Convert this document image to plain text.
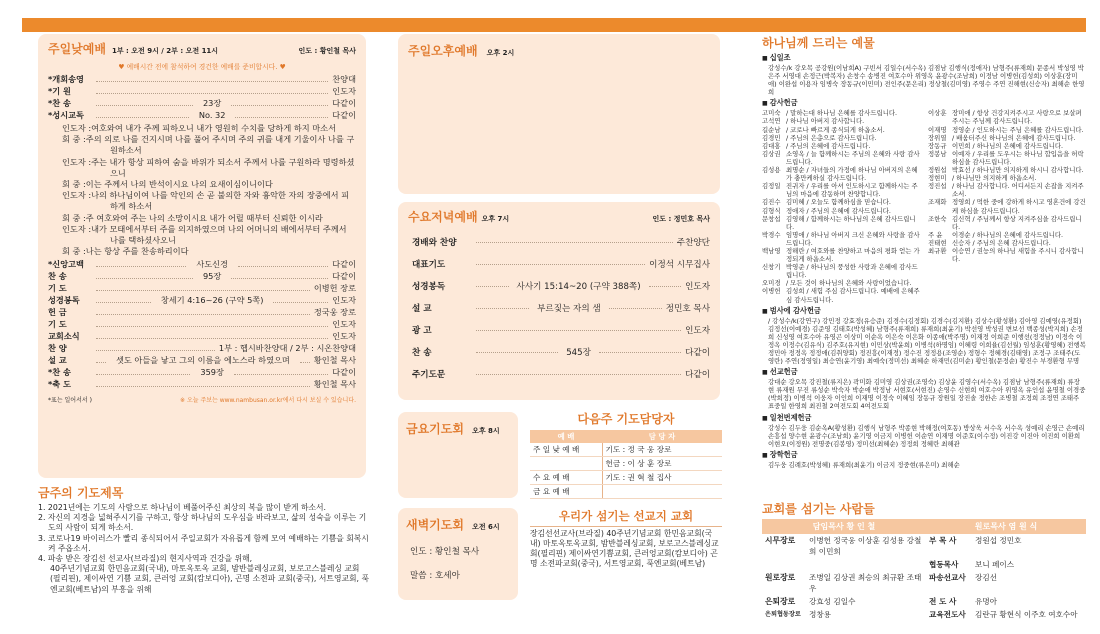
주일낮예배 1부 : 오전 9시 / 2부 : 오전 11시	인도 : 황인철 목사
♥ 예배시간 전에 참석하여 경건한 예배를 준비합시다. ♥
*개회송영	찬양대
*기 원	인도자
*찬 송	23장	다같이
*성시교독	No. 32	다같이
인도자 :여호와여 내가 주께 피하오니 내가 영원히 수치를 당하게 하지 마소서
회 중 :주의 의로 나를 건지시며 나를 풀어 주시며 주의 귀를 내게 기울이사 나를 구원하소서
인도자 :주는 내가 항상 피하여 숨을 바위가 되소서 주께서 나를 구원하라 명령하셨으니
회 중 :이는 주께서 나의 반석이시요 나의 요새이심이니이다
인도자 :나의 하나님이여 나를 악인의 손 곧 불의한 자와 흉악한 자의 장중에서 피하게 하소서
회 중 :주 여호와여 주는 나의 소망이시요 내가 어릴 때부터 신뢰한 이시라
인도자 :내가 모태에서부터 주를 의지하였으며 나의 어머니의 배에서부터 주께서 나를 택하셨사오니
회 중 :나는 항상 주를 찬송하리이다
*신앙고백	사도신경	다같이
찬 송	95장	다같이
기 도	이병헌 장로
성경봉독	창세기 4:16~26 (구약 5쪽)	인도자
헌 금	정국웅 장로
기 도	인도자
교회소식	인도자
찬 양	1부 : 헵시바찬양대 / 2부 : 시온찬양대
설 교	셋도 아들을 낳고 그의 이름을 에노스라 하였으며	황인철 목사
*찬 송	359장	다같이
*축 도	황인철 목사
*표는 일어서서 )	※ 오늘 주보는 www.nambusan.or.kr에서 다시 보실 수 있습니다.
금주의 기도제목
1. 2021년에는 기도의 사람으로 하나님이 베풀어주신 최상의 복을 많이 받게 하소서.
2. 자신의 지경을 넓혀주시기를 구하고, 항상 하나님의 도우심을 바라보고, 삶의 성숙을 이루는 기도의 사람이 되게 하소서.
3. 코로나19 바이러스가 빨리 종식되어서 주일교회가 자유롭게 함께 모여 예배하는 기쁨을 회복시켜 주옵소서.
4. 파송 받은 장김선 선교사(브라질)의 현지사역과 건강을 위해,
40주년기념교회 한민음교회(국내), 마토옥토옥 교회, 밤반블레싱교회, 보로고스블레싱 교회(필리핀), 제이싸연 기쁨 교회, 큰러엉 교회(캄보디아), 곤명 소전파 교회(중국), 서트영교회, 푹엔교회(베트남)의 부흥을 위해
주일오후예배 오후 2시
수요저녁예배 오후 7시	인도 : 정민호 목사
경배와 찬양	주찬양단
대표기도	이정석 시무집사
성경봉독	사사기 15:14~20 (구약 388쪽)	인도자
설 교	부르짖는 자의 샘	정민호 목사
광 고	인도자
찬 송	545장	다같이
주기도문	다같이
금요기도회 오후 8시
다음주 기도담당자
예 배	담 당 자
주 일 낮 예 배	기도 : 정 국 웅 장로
	헌금 : 이 상 훈 장로
수 요 예 배	기도 : 권 혁 철 집사
금 요 예 배	
새벽기도회 오전 6시
인도 : 황인철 목사
말씀 : 호세아
우리가 섬기는 선교지 교회
장김선선교사(브라질) 40주년기념교회 한민음교회(국내) 마토옥토옥교회, 밤반블레싱교회, 보로고스블레싱교회(필리핀) 제이싸연기쁨교회, 큰러엉교회(캄보디아) 곤명 소전파교회(중국), 서트영교회, 푹엔교회(베트남)
하나님께 드리는 예물
■ 십일조
강성수/k 강오목 공강원(이남희A) 구빈서 김일수(서수옥) 김점남 김행식(정애자) 남형주(류재희) 문종서 박성영 박은주 서영대 손정근(박복자) 손창수 송병진 여호수아 위영옥 윤광수(조남희) 이정남 이병헌(김성희) 이상훈(장미애) 이완섭 이용자 임병숙 장동규(이민미) 전인주(문은리) 정상철(김미영) 주영수 주연 진해현(신승자) 최해순 한영희
■ 감사헌금
고미숙 / 말하는대 하나님 은혜를 감사드립니다.
고석연 / 하나님 아버지 감사합니다.
길순남 / 코로나 빠르게 종식되게 하옵소서.
김경민 / 주님의 은총으로 감사드립니다.
김대홍 / 주님의 은혜에 감사드립니다.
김상권 소영옥 / 늘 함께하시는 주님의 은혜와 사랑 감사드립니다.
김성용 최명순 / 자녀들의 가정에 하나님 아버지의 은혜가 충만케하실 감사드립니다.
김정일 진귀자 / 우리를 아셔 인도하시고 함께하시는 주님의 마음에 감동하며 찬양합니다.
김진수 김미혜 / 오늘도 함께하심을 믿습니다.
김형식 정애자 / 주님의 은혜에 감사드립니다.
문창섭 김영해 / 함께하시는 하나님의 은혜 감사드립니다.
박경수 임명애 / 하나님 아버지 크신 은혜와 사랑을 감사드립니다.
백남영 정해란 / 여호와를 찬양하고 마음의 평화 얻는 가정되게 하옵소서.
신창기 박영준 / 하나님의 풍성한 사랑과 은혜에 감사드립니다.
오미경 / 모든 것이 하나님의 은혜와 사랑이었습니다.
이병헌 김성희 / 새힘 주심 감사드립니다. 예배에 은혜주심 감사드립니다.
이상훈 장미애 / 항상 건강지켜주시고 사랑으로 보살펴 주시는 주님께 감사드립니다.
이재명 정영순 / 인도하시는 주님 은혜를 감사드립니다.
장위열 / 배움터주신 하나님의 은혜에 감사드립니다.
장동규 이민희 / 하나님의 은혜에 감사드립니다.
정봉남 이예자 / 우리를 도우시는 하나님 합입음을 허락하심을 감사드립니다.
정원섭 박효선 / 하나님만 의지하게 하시니 감사합니다.
정현미 / 하나님만 의지하게 하옵소서.
정진섭 / 하나님 감사합니다. 어디서든지 손잡을 지켜주소서.
조재화 정영희 / 먹한 중에 강하게 하시고 영혼건에 강건케 하심을 감사드립니다.
조한숙 김신혁 / 주님께서 항상 지켜주심을 감사드립니다.
주 윤	이경순 / 하나님의 은혜에 감사드립니다.
진태현 신승자 / 주님의 은혜 감사드립니다.
최규환 이승연 / 권능의 하나님 새힘을 주시니 감사합니다.
■ 범사에 감사헌금
/ 강성수/k(강연구) 강민정 강효정(유승준) 김경수(김정회) 김경수(김지환) 김상수(황성환) 김아영 김예영(유정회) 김정선(이예경) 김준영 김태호(박성혜) 남형주(류재희) 류재희(최윤기) 박선영 박성권 변보선 백종성(박지희) 손정희 신성영 여호수아 유영곤 이상미 이순옥 이은숙 이은화 이종애(박주명) 이재정 이희준 이행선(정정남) 이정숙 이정옥 이정수(김유식) 김주호(유지현) 이민상(박윤희) 이병석(하명임) 이혜령 이희율(김선월) 임성훈(황영혜) 전행복 정민아 정정옥 정정애(김취양회) 정진흥(이재정) 정수진 정정용(조영순) 정형수 정혜경(김태영) 조정구 조태주(도영란) 주연(정영일) 최승연(윤기영) 최예숙(정미선) 최혜순 하재민(김미순) 황인철(문정순) 황진수 부경환형 무명
■ 선교헌금
강대순 강오목 강진철(류지은) 곽미화 김미영 김상권(조영숙) 김상윤 김영수(서수옥) 김점남 남형주(류재희) 류장현 류재원 무진 류성순 박숙자 박순애 박정남 서현호(서현진) 손영수 신현희 여호수아 위영옥 유인섭 윤명철 이경중(박희정) 이병석 이웅자 이인희 이재명 이정숙 이혜임 장동규 장원일 장진솔 정한손 조병철 조정희 조정연 조태주 표중일 한영희 최진철 2여전도회 4여전도회
■ 일천번제헌금
강성수 김두웅 김순옥A(황성환) 김행식 남형주 박종현 박해정(여호동) 방상욱 서수옥 서수옥 성예리 손영근 손예리 손흥섭 양수현 윤광수(조남희) 윤기영 이금지 이병헌 이순연 이재명 이준호(이수정) 이진강 이진아 이진희 이환희 이현오(이정원) 전명중(김봉영) 정미선(최혜순) 정정희 정혜란 최해관
■ 장학헌금
김두웅 김례호(박성혜) 류재희(최윤기) 이금지 정중현(류은미) 최해순
교회를 섬기는 사람들
담임목사 황 인 철		원로목사 염 원 식	
시무장로	이병헌 정국웅 이상훈 김성용 강철희 이민희	부 목 사	정원섭 정민호
		협동목사	보니 페이스
원로장로	조병일 김상권 최승의 최규환 조태우	파송선교사	장김선
은퇴장로	강효성 김일수	전 도 사	유명아
은퇴협동장로	정창용	교육전도사	김란규 황현식 이주호 여호수아
